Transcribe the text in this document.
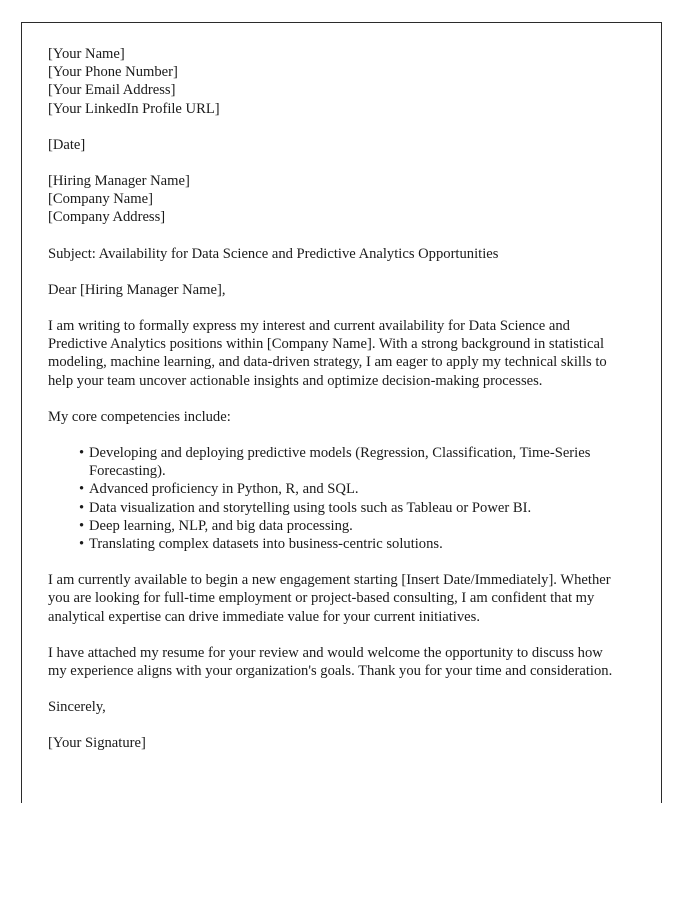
[Your Name]
[Your Phone Number]
[Your Email Address]
[Your LinkedIn Profile URL]
[Date]
[Hiring Manager Name]
[Company Name]
[Company Address]

Subject: Availability for Data Science and Predictive Analytics Opportunities

Dear [Hiring Manager Name],

I am writing to formally express my interest and current availability for Data Science and Predictive Analytics positions within [Company Name]. With a strong background in statistical modeling, machine learning, and data-driven strategy, I am eager to apply my technical skills to help your team uncover actionable insights and optimize decision-making processes.

My core competencies include:

• Developing and deploying predictive models (Regression, Classification, Time-Series Forecasting).
• Advanced proficiency in Python, R, and SQL.
• Data visualization and storytelling using tools such as Tableau or Power BI.
• Deep learning, NLP, and big data processing.
• Translating complex datasets into business-centric solutions.

I am currently available to begin a new engagement starting [Insert Date/Immediately]. Whether you are looking for full-time employment or project-based consulting, I am confident that my analytical expertise can drive immediate value for your current initiatives.

I have attached my resume for your review and would welcome the opportunity to discuss how my experience aligns with your organization's goals. Thank you for your time and consideration.

Sincerely,

[Your Signature]
